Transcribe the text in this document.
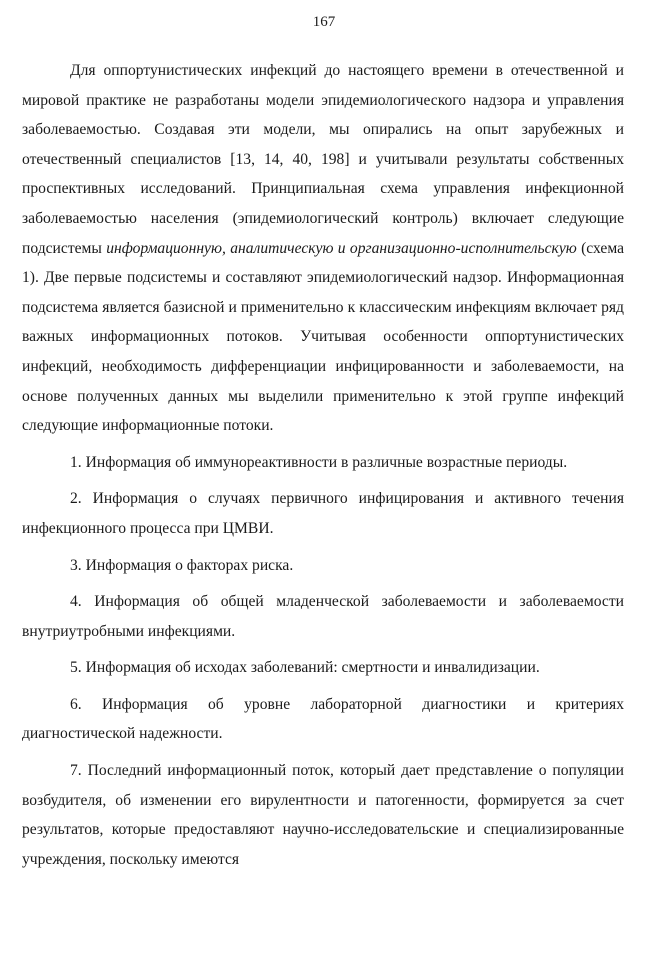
167

Для оппортунистических инфекций до настоящего времени в отечественной и мировой практике не разработаны модели эпидемиологического надзора и управления заболеваемостью. Создавая эти модели, мы опирались на опыт зарубежных и отечественный специалистов [13, 14, 40, 198] и учитывали результаты собственных проспективных исследований. Принципиальная схема управления инфекционной заболеваемостью населения (эпидемиологический контроль) включает следующие подсистемы информационную, аналитическую и организационно-исполнительскую (схема 1). Две первые подсистемы и составляют эпидемиологический надзор. Информационная подсистема является базисной и применительно к классическим инфекциям включает ряд важных информационных потоков. Учитывая особенности оппортунистических инфекций, необходимость дифференциации инфицированности и заболеваемости, на основе полученных данных мы выделили применительно к этой группе инфекций следующие информационные потоки.

1. Информация об иммунореактивности в различные возрастные периоды.

2. Информация о случаях первичного инфицирования и активного течения инфекционного процесса при ЦМВИ.

3. Информация о факторах риска.

4. Информация об общей младенческой заболеваемости и заболеваемости внутриутробными инфекциями.

5. Информация об исходах заболеваний: смертности и инвалидизации.

6. Информация об уровне лабораторной диагностики и критериях диагностической надежности.

7. Последний информационный поток, который дает представление о популяции возбудителя, об изменении его вирулентности и патогенности, формируется за счет результатов, которые предоставляют научно-исследовательские и специализированные учреждения, поскольку имеются
